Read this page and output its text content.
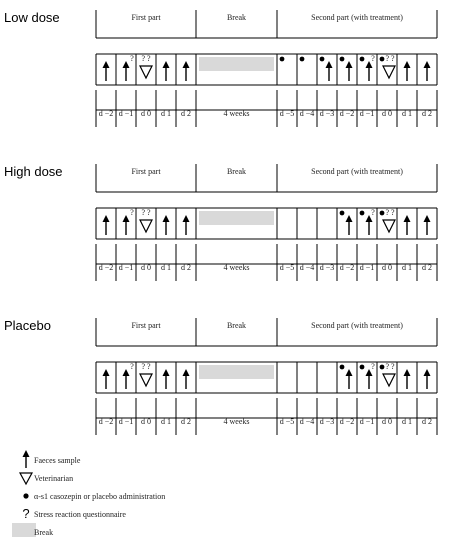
Low dose	First part	Break	Second part (with treatment)
? ? ?	? ? ?
d −2 d −1 d 0 d 1 d 2	4 weeks	d −5 d −4 d −3 d −2 d −1 d 0 d 1 d 2
High dose	First part	Break	Second part (with treatment)
? ? ?	? ? ?
d −2 d −1 d 0 d 1 d 2	4 weeks	d −5 d −4 d −3 d −2 d −1 d 0 d 1 d 2
Placebo	First part	Break	Second part (with treatment)
? ? ?	? ? ?
d −2 d −1 d 0 d 1 d 2	4 weeks	d −5 d −4 d −3 d −2 d −1 d 0 d 1 d 2
Faeces sample
Veterinarian
α-s1 casozepin or placebo administration
? Stress reaction questionnaire
Break
